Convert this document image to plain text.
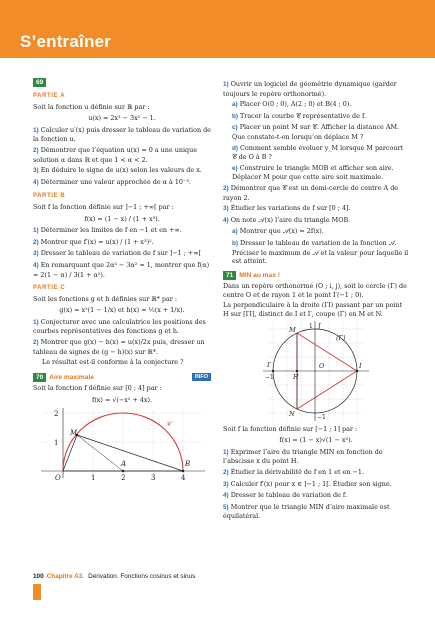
S’entraîner
69
PARTIE A

Soit la fonction u définie sur ℝ par :

u(x) = 2x³ − 3x² − 1.

1) Calculer u′(x) puis dresser le tableau de variation de la fonction u.

2) Démontrer que l’équation u(x) = 0 a une unique solution α dans ℝ et que 1 < α < 2.

3) En déduire le signe de u(x) selon les valeurs de x.

4) Déterminer une valeur approchée de α à 10⁻³.

PARTIE B

Soit f la fonction définie sur ]−1 ; +∞[ par :

f(x) = (1 − x) / (1 + x³).

1) Déterminer les limites de f en −1 et en +∞.

2) Montrer que f′(x) = u(x) / (1 + x³)².

3) Dresser le tableau de variation de f sur ]−1 ; +∞[

4) En remarquant que 2α³ − 3α² = 1, montrer que f(α) = 2(1 − α) / 3(1 + α²).

PARTIE C

Soit les fonctions g et h définies sur ℝ* par :

g(x) = x²(1 − 1/x) et h(x) = ½(x + 1/x).

1) Conjecturer avec une calculatrice les positions des courbes représentatives des fonctions g et h.

2) Montrer que g(x) − h(x) = u(x)/2x puis, dresser un tableau de signes de (g − h)(x) sur ℝ*.

Le résultat est-il conforme à la conjecture ?

70 Aire maximale	INFO

Soit la fonction f définie sur [0 ; 4] par :

f(x) = √(−x² + 4x).
2
1
1	2	3	4
O
M
A	B
𝒞

1) Ouvrir un logiciel de géométrie dynamique (garder toujours le repère orthonormé).

a) Placer O(0 ; 0), A(2 ; 0) et B(4 ; 0).

b) Tracer la courbe 𝒞 représentative de f.

c) Placer un point M sur 𝒞. Afficher la distance AM. Que constate-t-on lorsqu’on déplace M ?

d) Comment semble évoluer y_M lorsque M parcourt 𝒞 de O à B ?

e) Construire le triangle MOB et afficher son aire. Déplacer M pour que cette aire soit maximale.

2) Démontrer que 𝒞 est un demi-cercle de centre A de rayon 2.

3) Étudier les variations de f sur [0 ; 4].

4) On note 𝒜(x) l’aire du triangle MOB.

a) Montrer que 𝒜(x) = 2f(x).

b) Dresser le tableau de variation de la fonction 𝒜. Préciser le maximum de 𝒜 et la valeur pour laquelle il est atteint.

71 MIN au max !

Dans un repère orthonormé (O ; i, j), soit le cercle (Γ) de centre O et de rayon 1 et le point I′(−1 ; 0).

La perpendiculaire à la droite (I′I) passant par un point H sur [I′I], distinct de I et I′, coupe (Γ) en M et N.

M
N
I
I′	O
H
J
(Γ)
1
−1
−1

Soit f la fonction définie sur [−1 ; 1] par :

f(x) = (1 − x)√(1 − x²).

1) Exprimer l’aire du triangle MIN en fonction de l’abscisse x du point H.

2) Étudier la dérivabilité de f en 1 et en −1.

3) Calculer f′(x) pour x ∈ ]−1 ; 1[. Étudier son signe.

4) Dresser le tableau de variation de f.

5) Montrer que le triangle MIN d’aire maximale est équilatéral.

100 Chapitre A3. Dérivation. Fonctions cosinus et sinus
